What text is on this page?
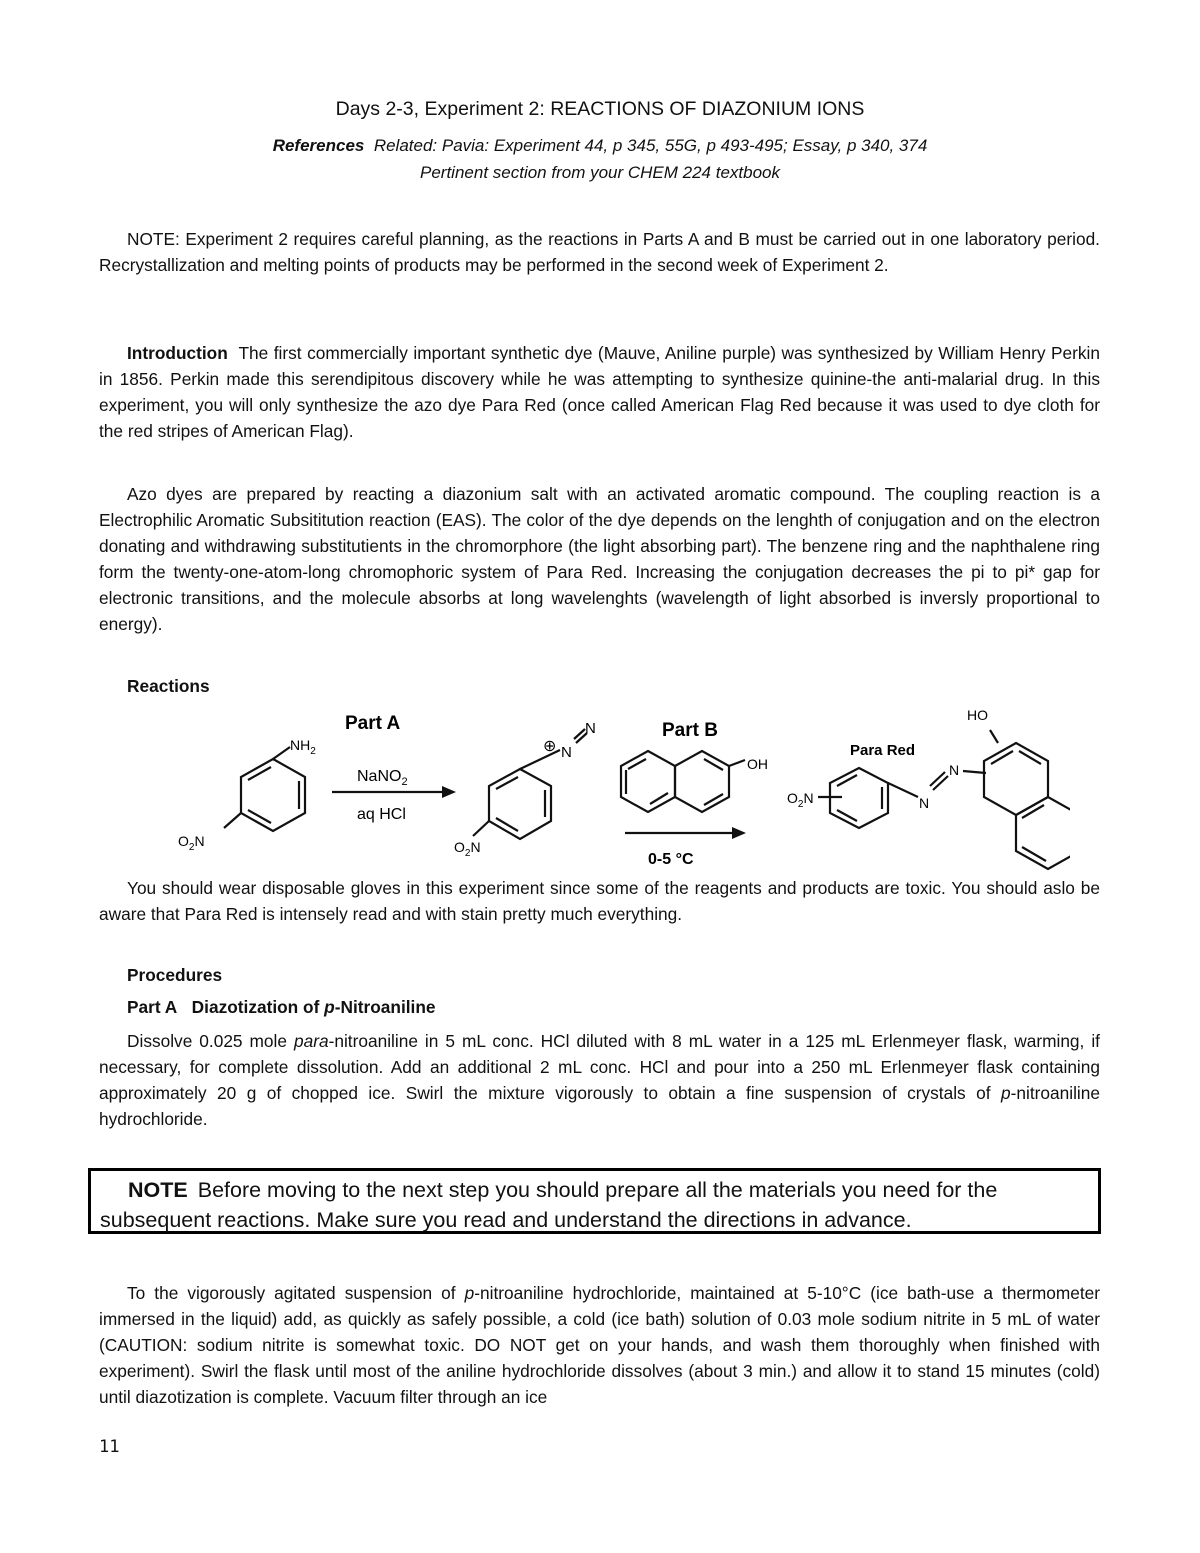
Days 2-3, Experiment 2: REACTIONS OF DIAZONIUM IONS
References Related: Pavia: Experiment 44, p 345, 55G, p 493-495; Essay, p 340, 374
Pertinent section from your CHEM 224 textbook
NOTE: Experiment 2 requires careful planning, as the reactions in Parts A and B must be carried out in one laboratory period. Recrystallization and melting points of products may be performed in the second week of Experiment 2.
Introduction The first commercially important synthetic dye (Mauve, Aniline purple) was synthesized by William Henry Perkin in 1856. Perkin made this serendipitous discovery while he was attempting to synthesize quinine-the anti-malarial drug. In this experiment, you will only synthesize the azo dye Para Red (once called American Flag Red because it was used to dye cloth for the red stripes of American Flag).
Azo dyes are prepared by reacting a diazonium salt with an activated aromatic compound. The coupling reaction is a Electrophilic Aromatic Subsititution reaction (EAS). The color of the dye depends on the lenghth of conjugation and on the electron donating and withdrawing substitutients in the chromorphore (the light absorbing part). The benzene ring and the naphthalene ring form the twenty-one-atom-long chromophoric system of Para Red. Increasing the conjugation decreases the pi to pi* gap for electronic transitions, and the molecule absorbs at long wavelenghts (wavelength of light absorbed is inversly proportional to energy).
Reactions
$NH_2$
$O_2N$
Part A
NaNO$_2$
aq HCl
⊕ N
N
$O_2N$
Part B
OH
0-5 °C
Para Red
$O_2N$	N
N
HO
You should wear disposable gloves in this experiment since some of the reagents and products are toxic. You should aslo be aware that Para Red is intensely read and with stain pretty much everything.
Procedures
Part A Diazotization of p-Nitroaniline
Dissolve 0.025 mole para-nitroaniline in 5 mL conc. HCl diluted with 8 mL water in a 125 mL Erlenmeyer flask, warming, if necessary, for complete dissolution. Add an additional 2 mL conc. HCl and pour into a 250 mL Erlenmeyer flask containing approximately 20 g of chopped ice. Swirl the mixture vigorously to obtain a fine suspension of crystals of p-nitroaniline hydrochloride.
NOTE Before moving to the next step you should prepare all the materials you need for the subsequent reactions. Make sure you read and understand the directions in advance.
To the vigorously agitated suspension of p-nitroaniline hydrochloride, maintained at 5-10°C (ice bath-use a thermometer immersed in the liquid) add, as quickly as safely possible, a cold (ice bath) solution of 0.03 mole sodium nitrite in 5 mL of water (CAUTION: sodium nitrite is somewhat toxic. DO NOT get on your hands, and wash them thoroughly when finished with experiment). Swirl the flask until most of the aniline hydrochloride dissolves (about 3 min.) and allow it to stand 15 minutes (cold) until diazotization is complete. Vacuum filter through an ice
11
